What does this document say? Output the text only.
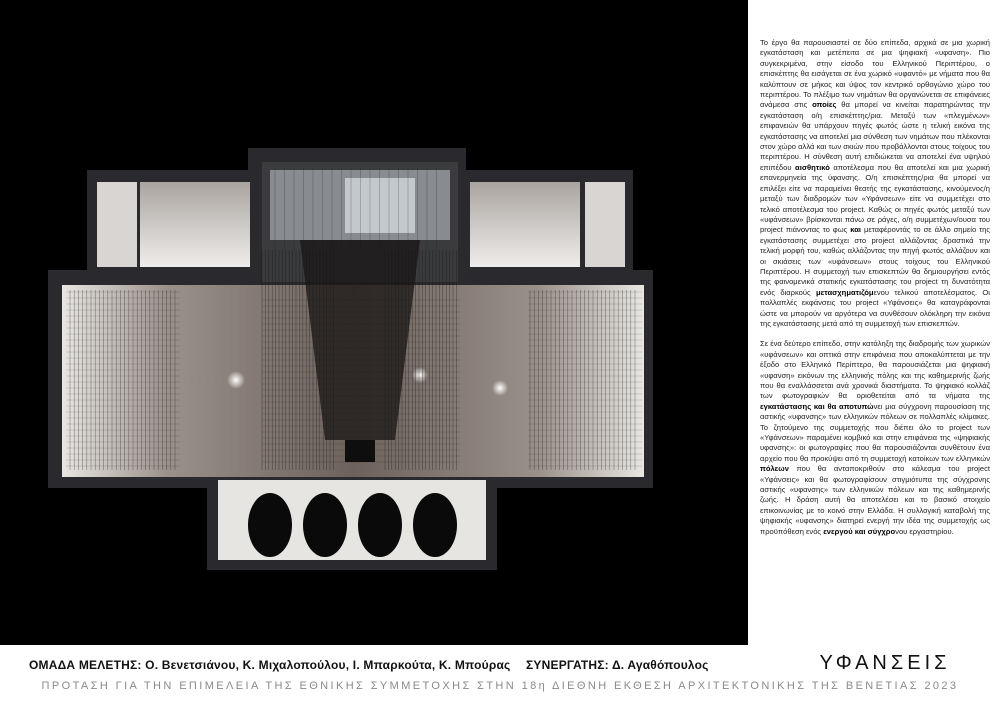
Το έργο θα παρουσιαστεί σε δύο επίπεδα, αρχικά σε μια χωρική εγκατάσταση και μετέπειτα σε μια ψηφιακή «υφανση». Πιο συγκεκριμένα, στην είσοδο του Ελληνικού Περιπτέρου, ο επισκέπτης θα εισάγεται σε ένα χωρικό «υφαντό» με νήματα που θα καλύπτουν σε μήκος και ύψος τον κεντρικό ορθογώνιο χώρο του περιπτέρου. Το πλέξιμο των νημάτων θα οργανώνεται σε επιφάνειες ανάμεσα στις οποίες θα μπορεί να κινείται παρατηρώντας την εγκατάσταση ο/η επισκέπτης/ρια. Μεταξύ των «πλεγμένων» επιφανειών θα υπάρχουν πηγές φωτός ώστε η τελική εικόνα της εγκατάστασης να αποτελεί μια σύνθεση των νημάτων που πλέκονται στον χώρο αλλά και των σκιών που προβάλλονται στους τοίχους του περιπτέρου. Η σύνθεση αυτή επιδιώκεται να αποτελεί ένα υψηλού επιπέδου αισθητικό αποτέλεσμα που θα αποτελεί και μια χωρική επανερμηνεία της ύφανσης. Ο/η επισκέπτης/ρια θα μπορεί να επιλέξει είτε να παραμείνει θεατής της εγκατάστασης, κινούμενος/η μεταξύ των διαδρομών των «Υφάνσεων» είτε να συμμετέχει στο τελικό αποτέλεσμα του project. Καθώς οι πηγές φωτός μεταξύ των «υφάνσεων» βρίσκονται πάνω σε ράγες, ο/η συμμετέχων/ουσα του project πιάνοντας το φως και μεταφέροντάς το σε άλλο σημείο της εγκατάστασης συμμετέχει στο project αλλάζοντας δραστικά την τελική μορφή του, καθώς αλλάζοντας την πηγή φωτός αλλάζουν και οι σκιάσεις των «υφάνσεων» στους τοίχους του Ελληνικού Περιπτέρου. Η συμμετοχή των επισκεπτών θα δημιουργήσει εντός της φαινομενικά στατικής εγκατάστασης του project τη δυνατότητα ενός διαρκούς μετασχηματιζόμενου τελικού αποτελέσματος. Οι πολλαπλές εκφάνσεις του project «Υφάνσεις» θα καταγράφονται ώστε να μπορούν να αργότερα να συνθέσουν ολόκληρη την εικόνα της εγκατάστασης μετά από τη συμμετοχή των επισκεπτών.

Σε ένα δεύτερο επίπεδο, στην κατάληξη της διαδρομής των χωρικών «υφάνσεων» και οπτικά στην επιφάνεια που αποκαλύπτεται με την έξοδο στο Ελληνικό Περίπτερο, θα παρουσιάζεται μια ψηφιακή «υφανση» εικόνων της ελληνικής πόλης και της καθημερινής ζωής που θα εναλλάσσεται ανά χρονικά διαστήματα. Το ψηφιακό κολλάζ των φωτογραφιών θα οριοθετείται από τα νήματα της εγκατάστασης και θα αποτυπώνει μια σύγχρονη παρουσίαση της αστικής «υφανσης» των ελληνικών πόλεων σε πολλαπλές κλίμακες. Το ζητούμενο της συμμετοχής που διέπει όλο το project των «Υφάνσεων» παραμένει κομβικό και στην επιφάνεια της «ψηφιακής υφανσης»: οι φωτογραφίες που θα παρουσιάζονται συνθέτουν ένα αρχείο που θα προκύψει από τη συμμετοχή κατοίκων των ελληνικών πόλεων που θα ανταποκριθούν στο κάλεσμα του project «Υφάνσεις» και θα φωτογραφίσουν στιγμιότυπα της σύγχρονης αστικής «υφανσης» των ελληνικών πόλεων και της καθημερινής ζωής. Η δράση αυτή θα αποτελέσει και το βασικό στοιχείο επικοινωνίας με το κοινό στην Ελλάδα. Η συλλογική καταβολή της ψηφιακής «υφανσης» διατηρεί ενεργή την ιδέα της συμμετοχής ως προϋπόθεση ενός ενεργού και σύγχρονου εργαστηρίου.

ΟΜΑΔΑ ΜΕΛΕΤΗΣ: Ο. Βενετσιάνου, Κ. Μιχαλοπούλου, Ι. Μπαρκούτα, Κ. Μπούρας ΣΥΝΕΡΓΑΤΗΣ: Δ. Αγαθόπουλος	ΥΦΑΝΣΕΙΣ
ΠΡΟΤΑΣΗ ΓΙΑ ΤΗΝ ΕΠΙΜΕΛΕΙΑ ΤΗΣ ΕΘΝΙΚΗΣ ΣΥΜΜΕΤΟΧΗΣ ΣΤΗΝ 18η ΔΙΕΘΝΗ ΕΚΘΕΣΗ ΑΡΧΙΤΕΚΤΟΝΙΚΗΣ ΤΗΣ ΒΕΝΕΤΙΑΣ 2023
